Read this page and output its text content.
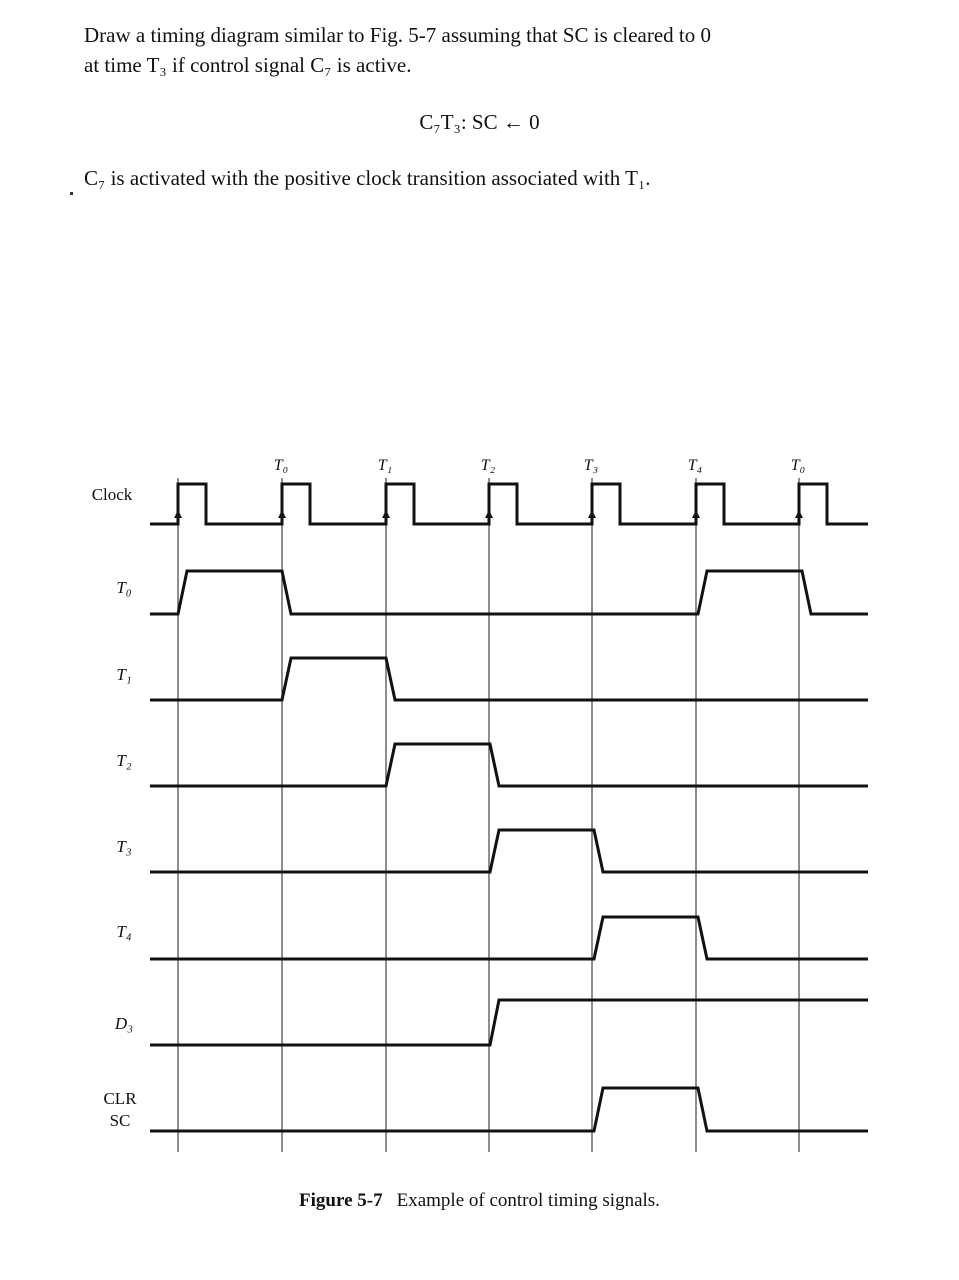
Draw a timing diagram similar to Fig. 5-7 assuming that SC is cleared to 0

at time T₃ if control signal C₇ is active.

C₇T₃: SC ← 0
C₇ is activated with the positive clock transition associated with T₁.
T₀	T₁	T₂	T₃	T₄	T₀
Clock
T₀
T₁
T₂
T₃
T₄
D₃
CLR
SC
Figure 5-7 Example of control timing signals.
